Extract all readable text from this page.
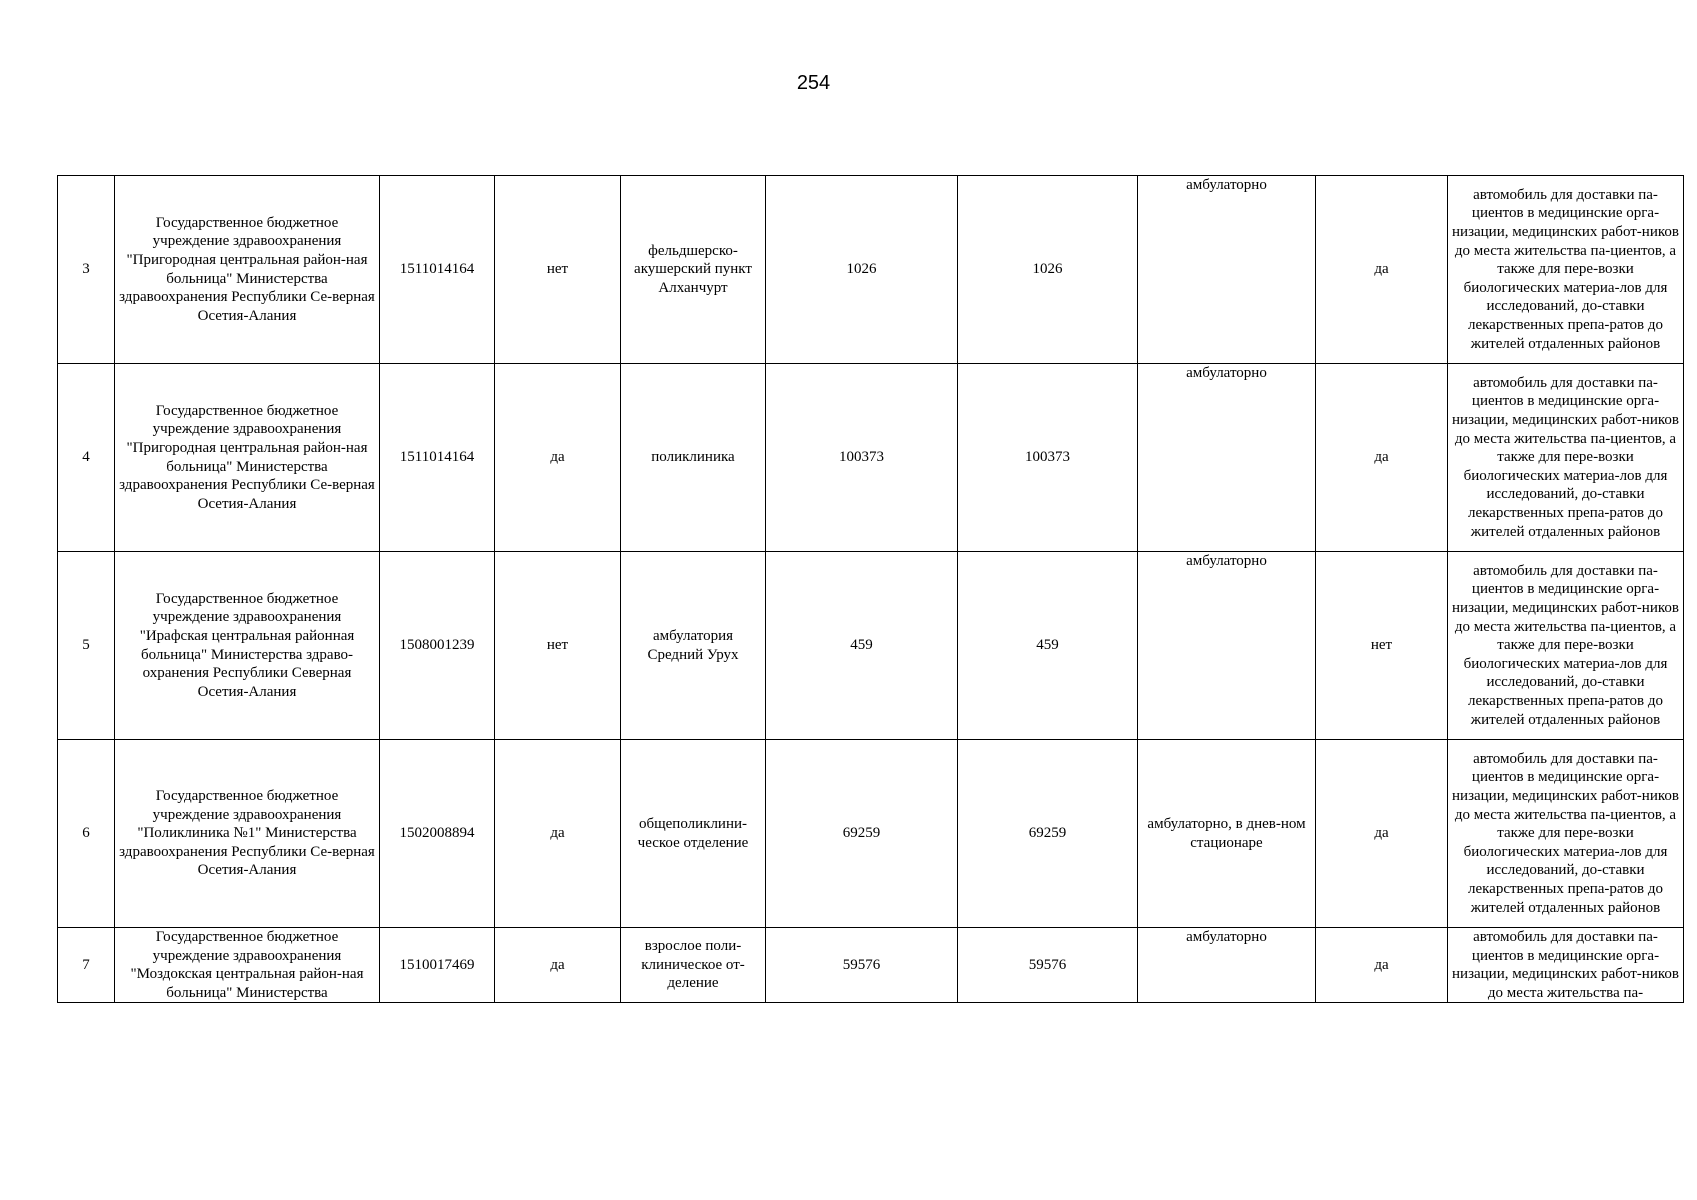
254
3	Государственное бюджетное учреждение здравоохранения "Пригородная центральная район-ная больница" Министерства здравоохранения Республики Се-верная Осетия-Алания	1511014164	нет	фельдшерско-акушерский пункт Алханчурт	1026	1026	амбулаторно	да	автомобиль для доставки па-циентов в медицинские орга-низации, медицинских работ-ников до места жительства па-циентов, а также для пере-возки биологических материа-лов для исследований, до-ставки лекарственных препа-ратов до жителей отдаленных районов
4	Государственное бюджетное учреждение здравоохранения "Пригородная центральная район-ная больница" Министерства здравоохранения Республики Се-верная Осетия-Алания	1511014164	да	поликлиника	100373	100373	амбулаторно	да	автомобиль для доставки па-циентов в медицинские орга-низации, медицинских работ-ников до места жительства па-циентов, а также для пере-возки биологических материа-лов для исследований, до-ставки лекарственных препа-ратов до жителей отдаленных районов
5	Государственное бюджетное учреждение здравоохранения "Ирафская центральная районная больница" Министерства здраво-охранения Республики Северная Осетия-Алания	1508001239	нет	амбулатория Средний Урух	459	459	амбулаторно	нет	автомобиль для доставки па-циентов в медицинские орга-низации, медицинских работ-ников до места жительства па-циентов, а также для пере-возки биологических материа-лов для исследований, до-ставки лекарственных препа-ратов до жителей отдаленных районов
6	Государственное бюджетное учреждение здравоохранения "Поликлиника №1" Министерства здравоохранения Республики Се-верная Осетия-Алания	1502008894	да	общеполиклини-ческое отделение	69259	69259	амбулаторно, в днев-ном стационаре	да	автомобиль для доставки па-циентов в медицинские орга-низации, медицинских работ-ников до места жительства па-циентов, а также для пере-возки биологических материа-лов для исследований, до-ставки лекарственных препа-ратов до жителей отдаленных районов
7	Государственное бюджетное учреждение здравоохранения "Моздокская центральная район-ная больница" Министерства	1510017469	да	взрослое поли-клиническое от-деление	59576	59576	амбулаторно	да	автомобиль для доставки па-циентов в медицинские орга-низации, медицинских работ-ников до места жительства па-
